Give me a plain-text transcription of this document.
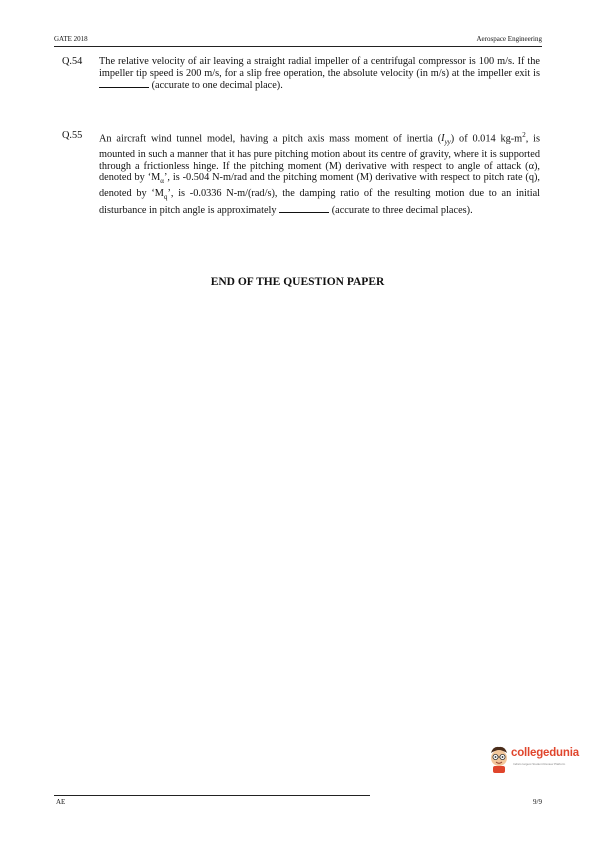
GATE 2018	Aerospace Engineering
Q.54 The relative velocity of air leaving a straight radial impeller of a centrifugal compressor is 100 m/s. If the impeller tip speed is 200 m/s, for a slip free operation, the absolute velocity (in m/s) at the impeller exit is  (accurate to one decimal place).
Q.55 An aircraft wind tunnel model, having a pitch axis mass moment of inertia $(I_{yy})$ of 0.014 $kg-m^2$, is mounted in such a manner that it has pure pitching motion about its centre of gravity, where it is supported through a frictionless hinge. If the pitching moment (M) derivative with respect to angle of attack (α), denoted by ‘$M_\alpha$’, is -0.504 N-m/rad and the pitching moment (M) derivative with respect to pitch rate (q), denoted by ‘$M_q$’, is -0.0336 N-m/(rad/s), the damping ratio of the resulting motion due to an initial disturbance in pitch angle is approximately	(accurate to three decimal places).
END OF THE QUESTION PAPER
collegedunia
India's largest Student Review Platform
AE	9/9
